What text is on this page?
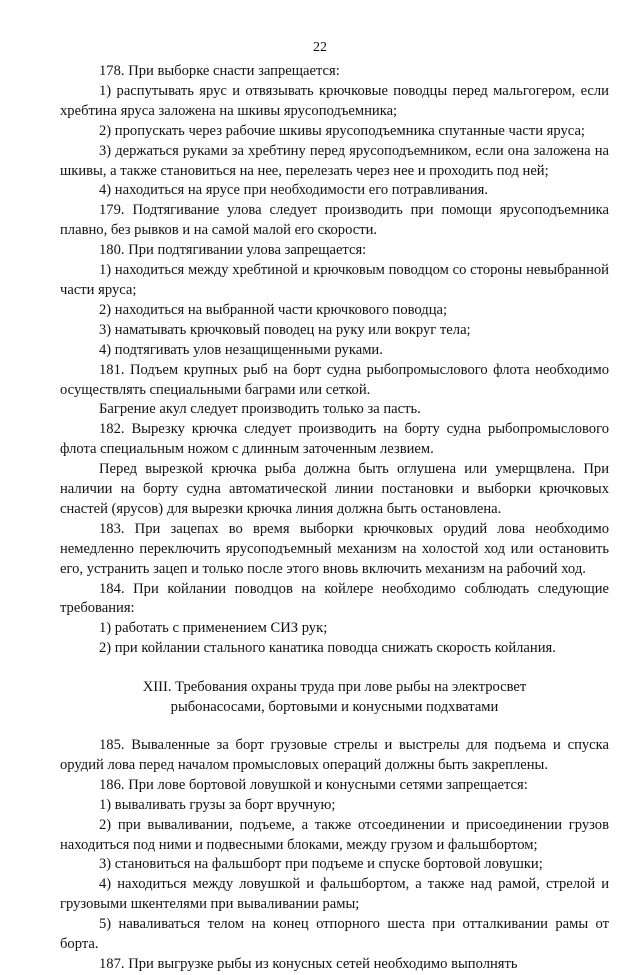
22

178. При выборке снасти запрещается:

1) распутывать ярус и отвязывать крючковые поводцы перед мальгогером, если хребтина яруса заложена на шкивы ярусоподъемника;

2) пропускать через рабочие шкивы ярусоподъемника спутанные части яруса;

3) держаться руками за хребтину перед ярусоподъемником, если она заложена на шкивы, а также становиться на нее, перелезать через нее и проходить под ней;

4) находиться на ярусе при необходимости его потравливания.

179. Подтягивание улова следует производить при помощи ярусоподъемника плавно, без рывков и на самой малой его скорости.

180. При подтягивании улова запрещается:

1) находиться между хребтиной и крючковым поводцом со стороны невыбранной части яруса;

2) находиться на выбранной части крючкового поводца;

3) наматывать крючковый поводец на руку или вокруг тела;

4) подтягивать улов незащищенными руками.

181. Подъем крупных рыб на борт судна рыбопромыслового флота необходимо осуществлять специальными баграми или сеткой.

Багрение акул следует производить только за пасть.

182. Вырезку крючка следует производить на борту судна рыбопромыслового флота специальным ножом с длинным заточенным лезвием.

Перед вырезкой крючка рыба должна быть оглушена или умерщвлена. При наличии на борту судна автоматической линии постановки и выборки крючковых снастей (ярусов) для вырезки крючка линия должна быть остановлена.

183. При зацепах во время выборки крючковых орудий лова необходимо немедленно переключить ярусоподъемный механизм на холостой ход или остановить его, устранить зацеп и только после этого вновь включить механизм на рабочий ход.

184. При койлании поводцов на койлере необходимо соблюдать следующие требования:

1) работать с применением СИЗ рук;

2) при койлании стального канатика поводца снижать скорость койлания.

XIII. Требования охраны труда при лове рыбы на электросвет

рыбонасосами, бортовыми и конусными подхватами

185. Вываленные за борт грузовые стрелы и выстрелы для подъема и спуска орудий лова перед началом промысловых операций должны быть закреплены.

186. При лове бортовой ловушкой и конусными сетями запрещается:

1) вываливать грузы за борт вручную;

2) при вываливании, подъеме, а также отсоединении и присоединении грузов находиться под ними и подвесными блоками, между грузом и фальшбортом;

3) становиться на фальшборт при подъеме и спуске бортовой ловушки;

4) находиться между ловушкой и фальшбортом, а также над рамой, стрелой и грузовыми шкентелями при вываливании рамы;

5) наваливаться телом на конец отпорного шеста при отталкивании рамы от борта.

187. При выгрузке рыбы из конусных сетей необходимо выполнять
